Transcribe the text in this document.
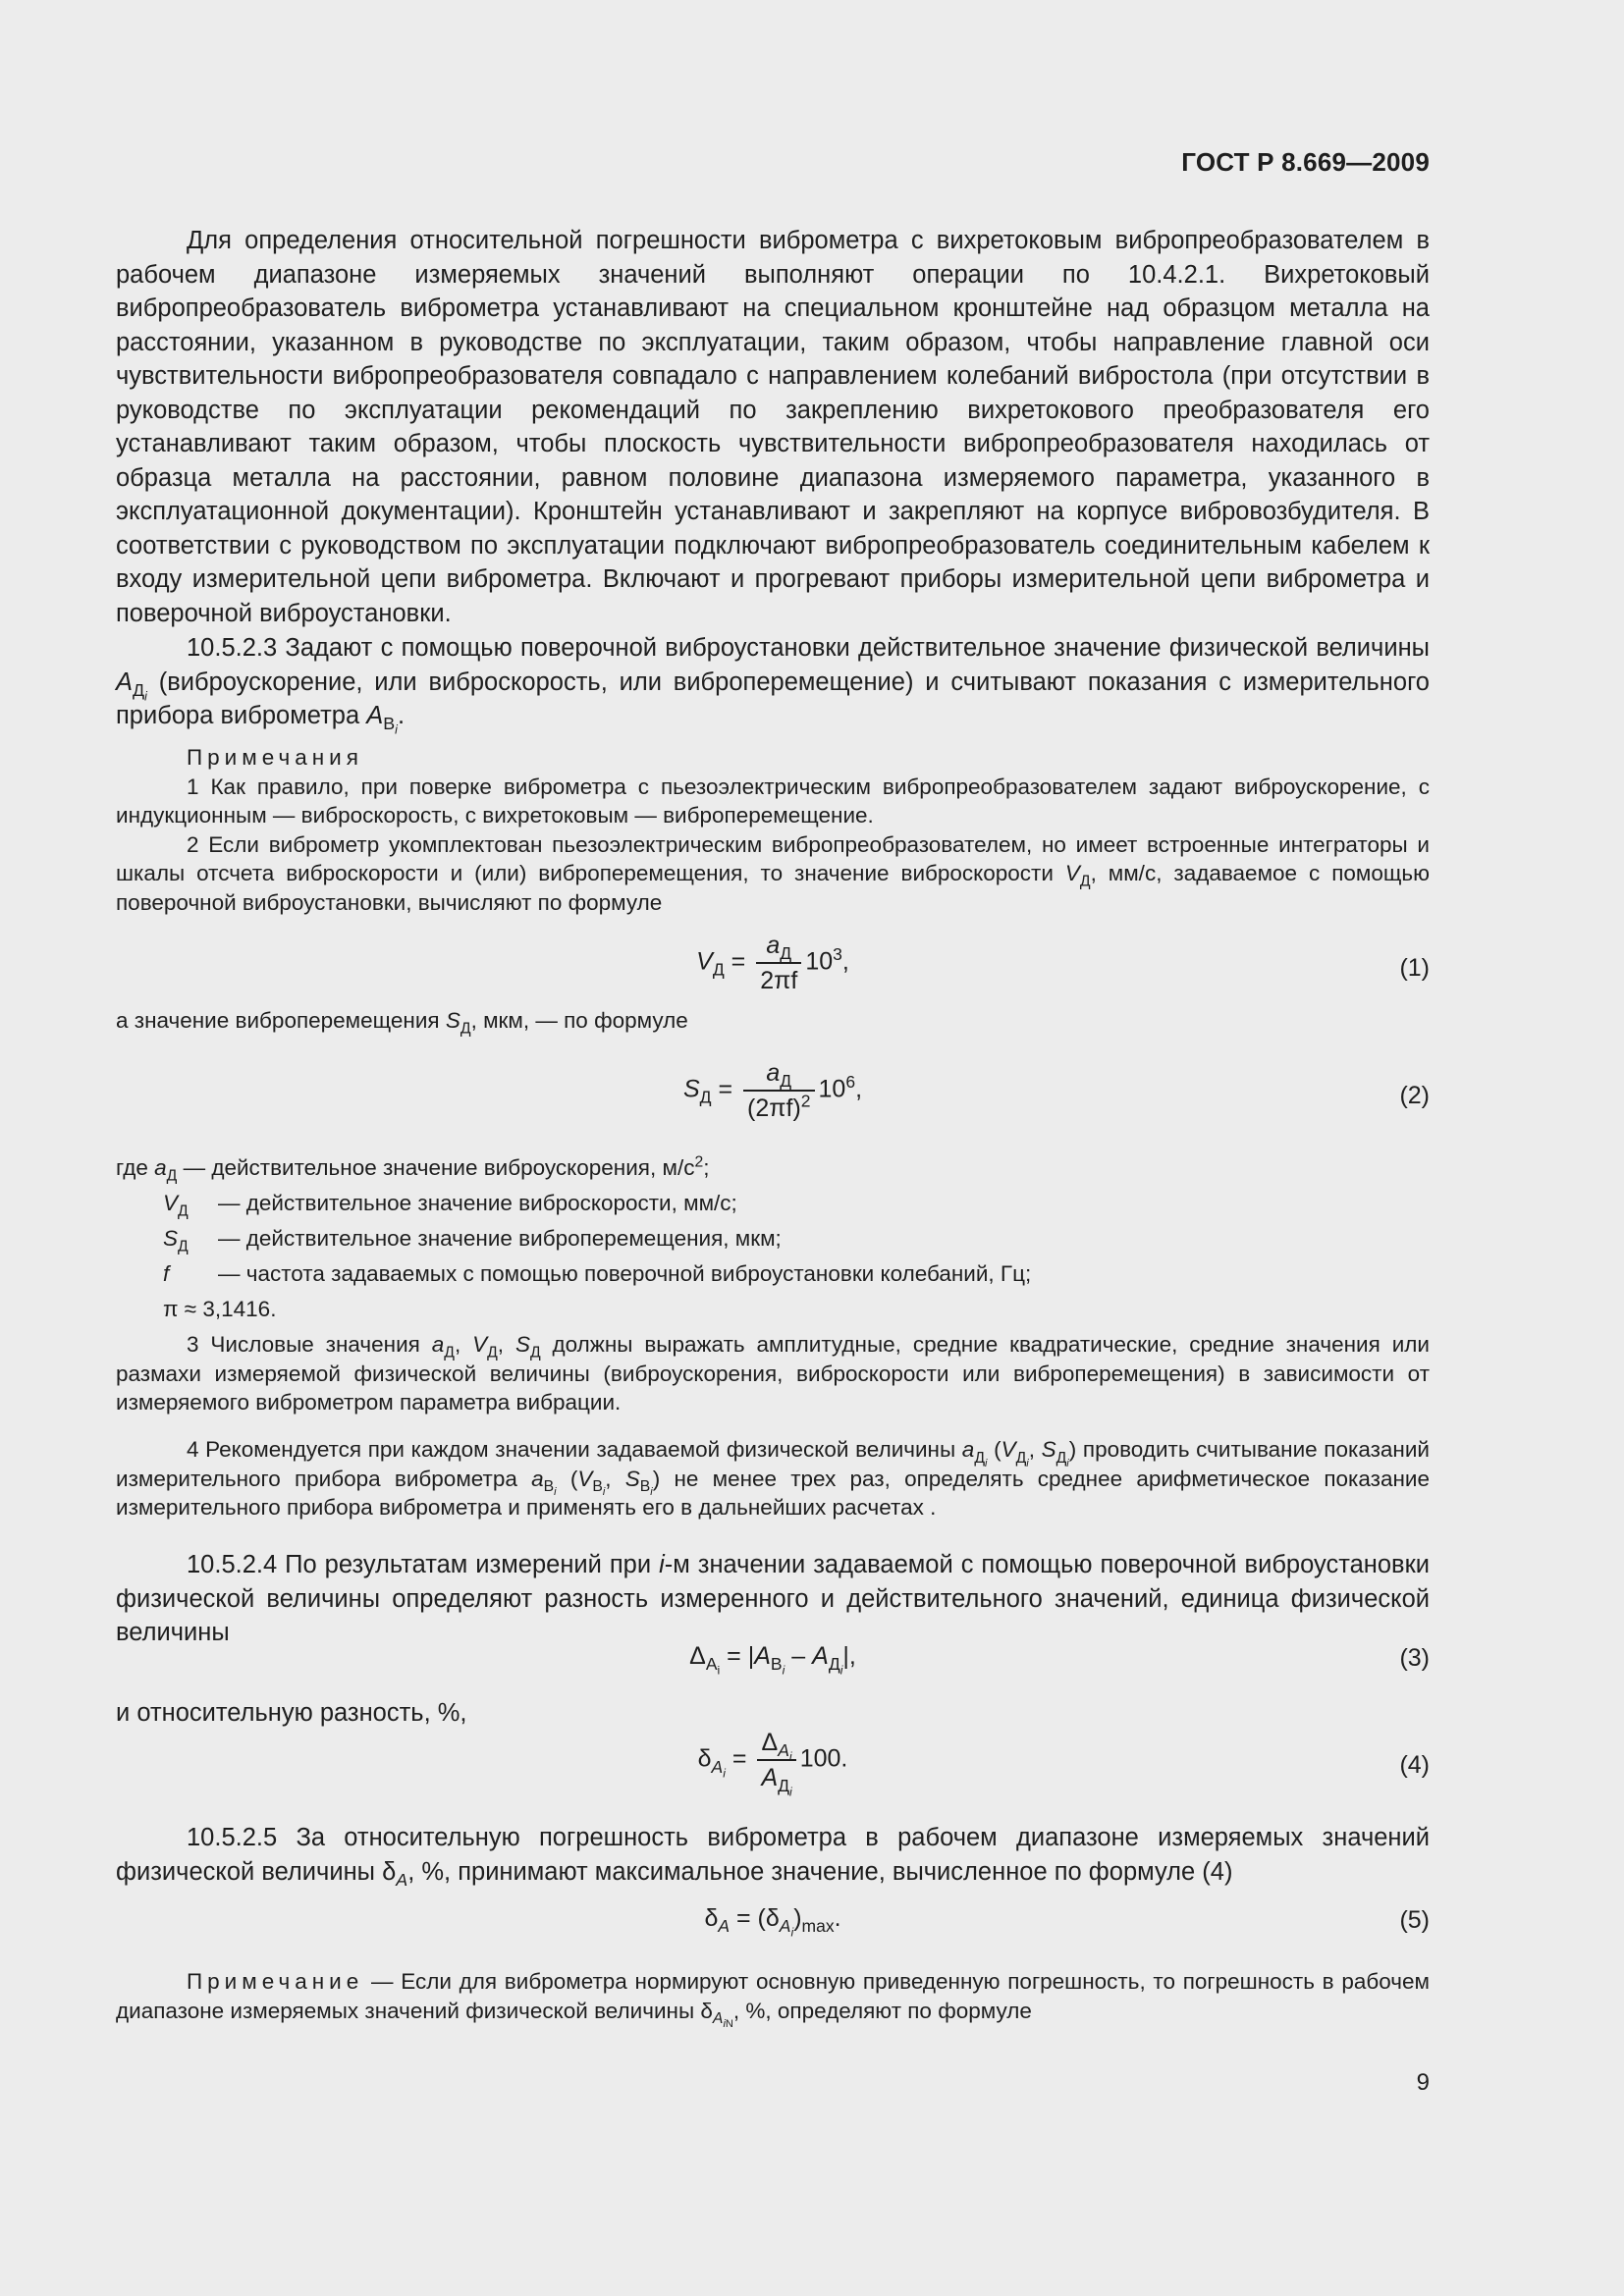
ГОСТ Р 8.669—2009

Для определения относительной погрешности виброметра с вихретоковым вибропреобразователем в рабочем диапазоне измеряемых значений выполняют операции по 10.4.2.1. Вихретоковый вибропреобразователь виброметра устанавливают на специальном кронштейне над образцом металла на расстоянии, указанном в руководстве по эксплуатации, таким образом, чтобы направление главной оси чувствительности вибропреобразователя совпадало с направлением колебаний вибростола (при отсутствии в руководстве по эксплуатации рекомендаций по закреплению вихретокового преобразователя его устанавливают таким образом, чтобы плоскость чувствительности вибропреобразователя находилась от образца металла на расстоянии, равном половине диапазона измеряемого параметра, указанного в эксплуатационной документации). Кронштейн устанавливают и закрепляют на корпусе вибровозбудителя. В соответствии с руководством по эксплуатации подключают вибропреобразователь соединительным кабелем к входу измерительной цепи виброметра. Включают и прогревают приборы измерительной цепи виброметра и поверочной виброустановки.

10.5.2.3 Задают с помощью поверочной виброустановки действительное значение физической величины $A_{Д_i}$ (виброускорение, или виброскорость, или виброперемещение) и считывают показания с измерительного прибора виброметра $A_{В_i}$.

Примечания

1 Как правило, при поверке виброметра с пьезоэлектрическим вибропреобразователем задают виброускорение, с индукционным — виброскорость, с вихретоковым — виброперемещение.

2 Если виброметр укомплектован пьезоэлектрическим вибропреобразователем, но имеет встроенные интеграторы и шкалы отсчета виброскорости и (или) виброперемещения, то значение виброскорости $V_Д$, мм/с, задаваемое с помощью поверочной виброустановки, вычисляют по формуле

$V_Д = \frac{a_Д}{2\pi f} 10^3$,	(1)

а значение виброперемещения $S_Д$, мкм, — по формуле

$S_Д = \frac{a_Д}{(2\pi f)^2} 10^6$,	(2)
где $a_Д$ — действительное значение виброускорения, $м/с^2$;
$V_Д$ — действительное значение виброскорости, мм/с;
$S_Д$ — действительное значение виброперемещения, мкм;
f — частота задаваемых с помощью поверочной виброустановки колебаний, Гц;
π ≈ 3,1416.

3 Числовые значения $a_Д$, $V_Д$, $S_Д$ должны выражать амплитудные, средние квадратические, средние значения или размахи измеряемой физической величины (виброускорения, виброскорости или виброперемещения) в зависимости от измеряемого виброметром параметра вибрации.

4 Рекомендуется при каждом значении задаваемой физической величины $a_{Д_i}$ ($V_{Д_i}$, $S_{Д_i}$) проводить считывание показаний измерительного прибора виброметра $a_{В_i}$ ($V_{В_i}$, $S_{В_i}$) не менее трех раз, определять среднее арифметическое показание измерительного прибора виброметра и применять его в дальнейших расчетах .

10.5.2.4 По результатам измерений при i-м значении задаваемой с помощью поверочной виброустановки физической величины определяют разность измеренного и действительного значений, единица физической величины

$\Delta_{A_i} = |A_{В_i} - A_{Д_i}|$,	(3)

и относительную разность, %,

$\delta_{A_i} = \frac{\Delta_{A_i}}{A_{Д_i}} 100$.	(4)

10.5.2.5 За относительную погрешность виброметра в рабочем диапазоне измеряемых значений физической величины $\delta_A$, %, принимают максимальное значение, вычисленное по формуле (4)

$\delta_A = (\delta_{A_i})_{max}$.	(5)

Примечание — Если для виброметра нормируют основную приведенную погрешность, то погрешность в рабочем диапазоне измеряемых значений физической величины $\delta_{A_{iN}}$, %, определяют по формуле

9
